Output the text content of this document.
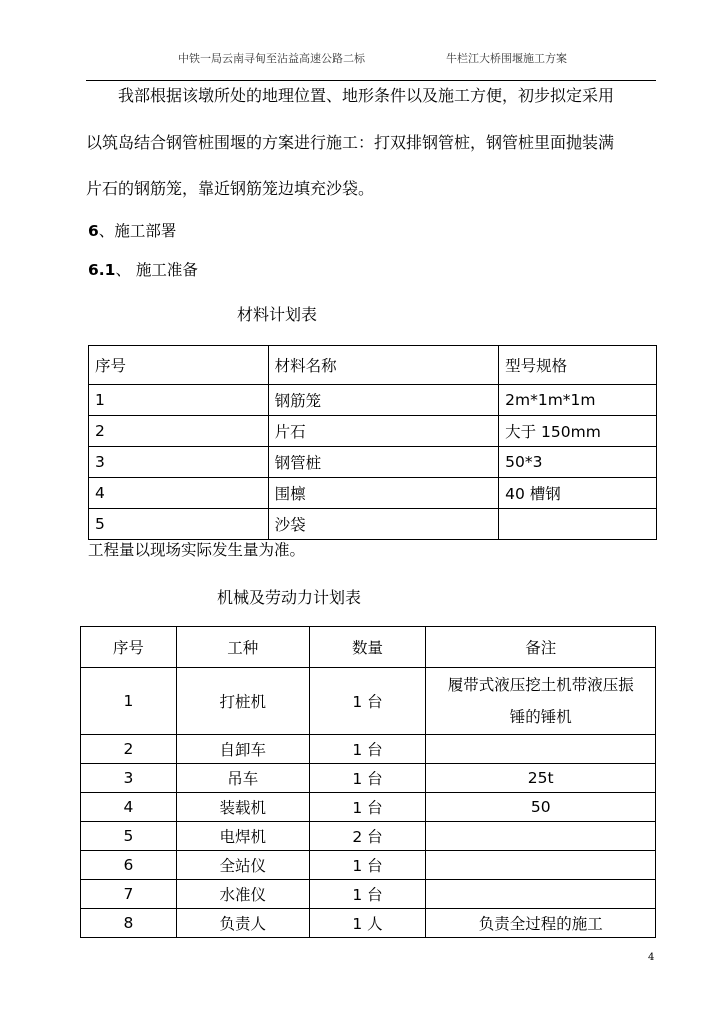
中铁一局云南寻甸至沾益高速公路二标	牛栏江大桥围堰施工方案
我部根据该墩所处的地理位置、地形条件以及施工方便，初步拟定采用
以筑岛结合钢管桩围堰的方案进行施工：打双排钢管桩，钢管桩里面抛装满
片石的钢筋笼，靠近钢筋笼边填充沙袋。
6、施工部署
6.1、 施工准备
材料计划表
序号	材料名称	型号规格
1	钢筋笼	2m*1m*1m
2	片石	大于 150mm
3	钢管桩	50*3
4	围檩	40 槽钢
5	沙袋	
工程量以现场实际发生量为准。
机械及劳动力计划表
序号	工种	数量	备注
1	打桩机	1 台	履带式液压挖土机带液压振
锤的锤机

2	自卸车	1 台	
3	吊车	1 台	25t
4	装载机	1 台	50
5	电焊机	2 台	
6	全站仪	1 台	
7	水准仪	1 台	
8	负责人	1 人	负责全过程的施工
4
